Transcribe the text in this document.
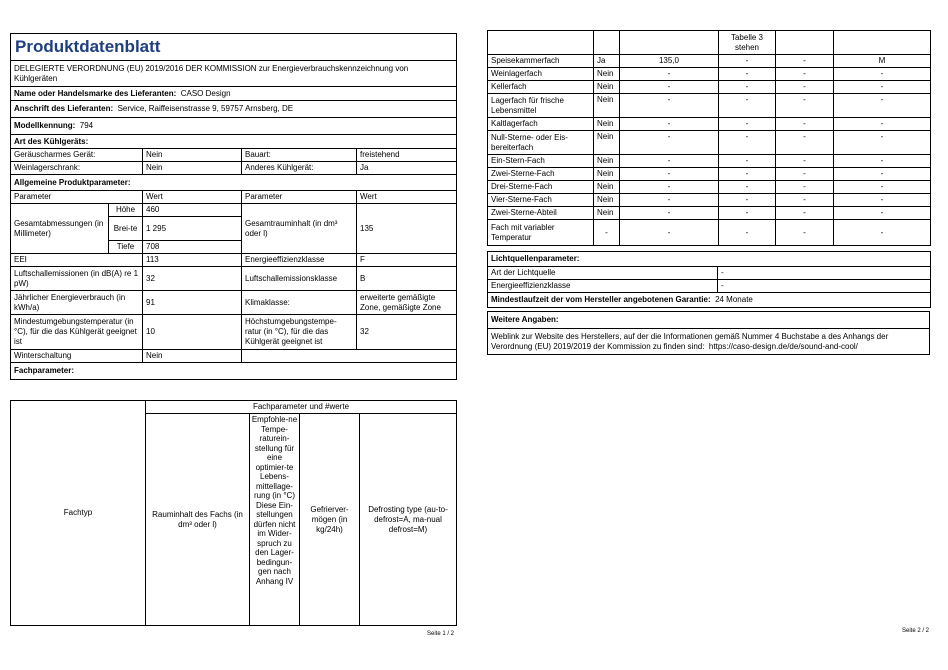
Produktdatenblatt				
DELEGIERTE VERORDNUNG (EU) 2019/2016 DER KOMMISSION zur Energieverbrauchskennzeichnung von Kühlgeräten				
Name oder Handelsmarke des Lieferanten: CASO Design				
Anschrift des Lieferanten: Service, Raiffeisenstrasse 9, 59757 Arnsberg, DE				
Modellkennung: 794				
Art des Kühlgeräts:				
Geräuscharmes Gerät:		Nein	Bauart:	freistehend
Weinlagerschrank:		Nein	Anderes Kühlgerät:	Ja
Allgemeine Produktparameter:				
Parameter		Wert	Parameter	Wert
Gesamtabmessungen (in Millimeter)	Höhe	460	Gesamtrauminhalt (in dm³ oder l)	135
	Brei-te	1 295		
	Tiefe	708		
EEI		113	Energieeffizienzklasse	F
Luftschallemissionen (in dB(A) re 1 pW)		32	Luftschallemissionsklasse	B
Jährlicher Energieverbrauch (in kWh/a)		91	Klimaklasse:	erweiterte gemäßigte Zone, gemäßigte Zone
Mindestumgebungstemperatur (in °C), für die das Kühlgerät geeignet ist		10	Höchstumgebungstempe-ratur (in °C), für die das Kühlgerät geeignet ist	32
Winterschaltung		Nein		
Fachparameter:				
Fachtyp	Fachparameter und #werte			
	Rauminhalt des Fachs (in dm³ oder l)	Empfohle-ne Tempe-raturein-stellung für eine optimier-te Lebens-mittellage-rung (in °C) Diese Ein-stellungen dürfen nicht im Wider-spruch zu den Lager-bedingun-gen nach Anhang IV	Gefrierver-mögen (in kg/24h)	Defrosting type (au-to-defrost=A, ma-nual defrost=M)
Seite 1 / 2
			Tabelle 3 stehen		
Speisekammerfach	Ja	135,0	-	-	M
Weinlagerfach	Nein	-	-	-	-
Kellerfach	Nein	-	-	-	-
Lagerfach für frische Lebensmittel	Nein	-	-	-	-
Kaltlagerfach	Nein	-	-	-	-
Null-Sterne- oder Eis-bereiterfach	Nein	-	-	-	-
Ein-Stern-Fach	Nein	-	-	-	-
Zwei-Sterne-Fach	Nein	-	-	-	-
Drei-Sterne-Fach	Nein	-	-	-	-
Vier-Sterne-Fach	Nein	-	-	-	-
Zwei-Sterne-Abteil	Nein	-	-	-	-
Fach mit variabler Temperatur	-	-	-	-	-
Lichtquellenparameter:	
Art der Lichtquelle	-
Energieeffizienzklasse	-
Mindestlaufzeit der vom Hersteller angebotenen Garantie: 24 Monate	
Weitere Angaben:
Weblink zur Website des Herstellers, auf der die Informationen gemäß Nummer 4 Buchstabe a des Anhangs der Verordnung (EU) 2019/2019 der Kommission zu finden sind: https://caso-design.de/de/sound-and-cool/
Seite 2 / 2
